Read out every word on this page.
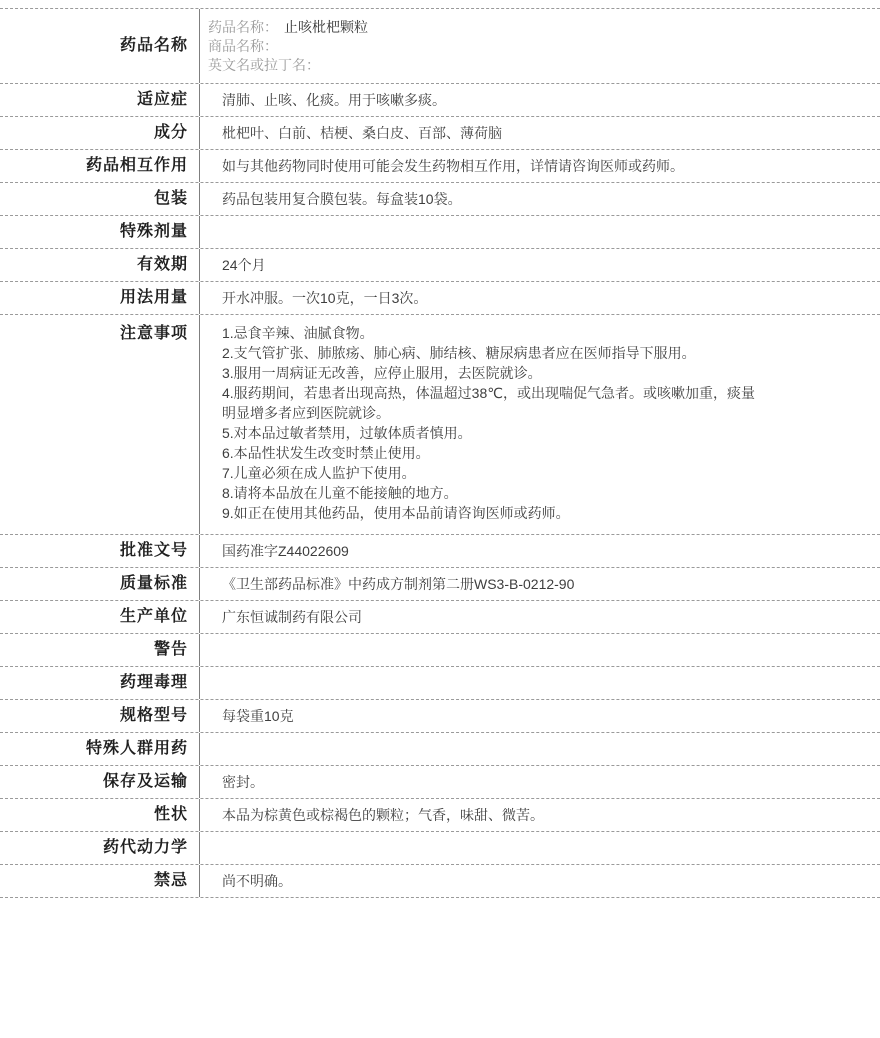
药品名称
药品名称： 止咳枇杷颗粒
商品名称：
英文名或拉丁名：
适应症	清肺、止咳、化痰。用于咳嗽多痰。
成分	枇杷叶、白前、桔梗、桑白皮、百部、薄荷脑
药品相互作用	如与其他药物同时使用可能会发生药物相互作用，详情请咨询医师或药师。
包装	药品包装用复合膜包装。每盒装10袋。
特殊剂量
有效期	24个月
用法用量	开水冲服。一次10克，一日3次。
注意事项	1.忌食辛辣、油腻食物。
2.支气管扩张、肺脓疡、肺心病、肺结核、糖尿病患者应在医师指导下服用。
3.服用一周病证无改善，应停止服用，去医院就诊。
4.服药期间，若患者出现高热，体温超过38℃，或出现喘促气急者。或咳嗽加重，痰量
明显增多者应到医院就诊。
5.对本品过敏者禁用，过敏体质者慎用。
6.本品性状发生改变时禁止使用。
7.儿童必须在成人监护下使用。
8.请将本品放在儿童不能接触的地方。
9.如正在使用其他药品，使用本品前请咨询医师或药师。
批准文号	国药准字Z44022609
质量标准	《卫生部药品标准》中药成方制剂第二册WS3-B-0212-90
生产单位	广东恒诚制药有限公司
警告
药理毒理
规格型号	每袋重10克
特殊人群用药
保存及运输	密封。
性状	本品为棕黄色或棕褐色的颗粒；气香，味甜、微苦。
药代动力学
禁忌	尚不明确。
